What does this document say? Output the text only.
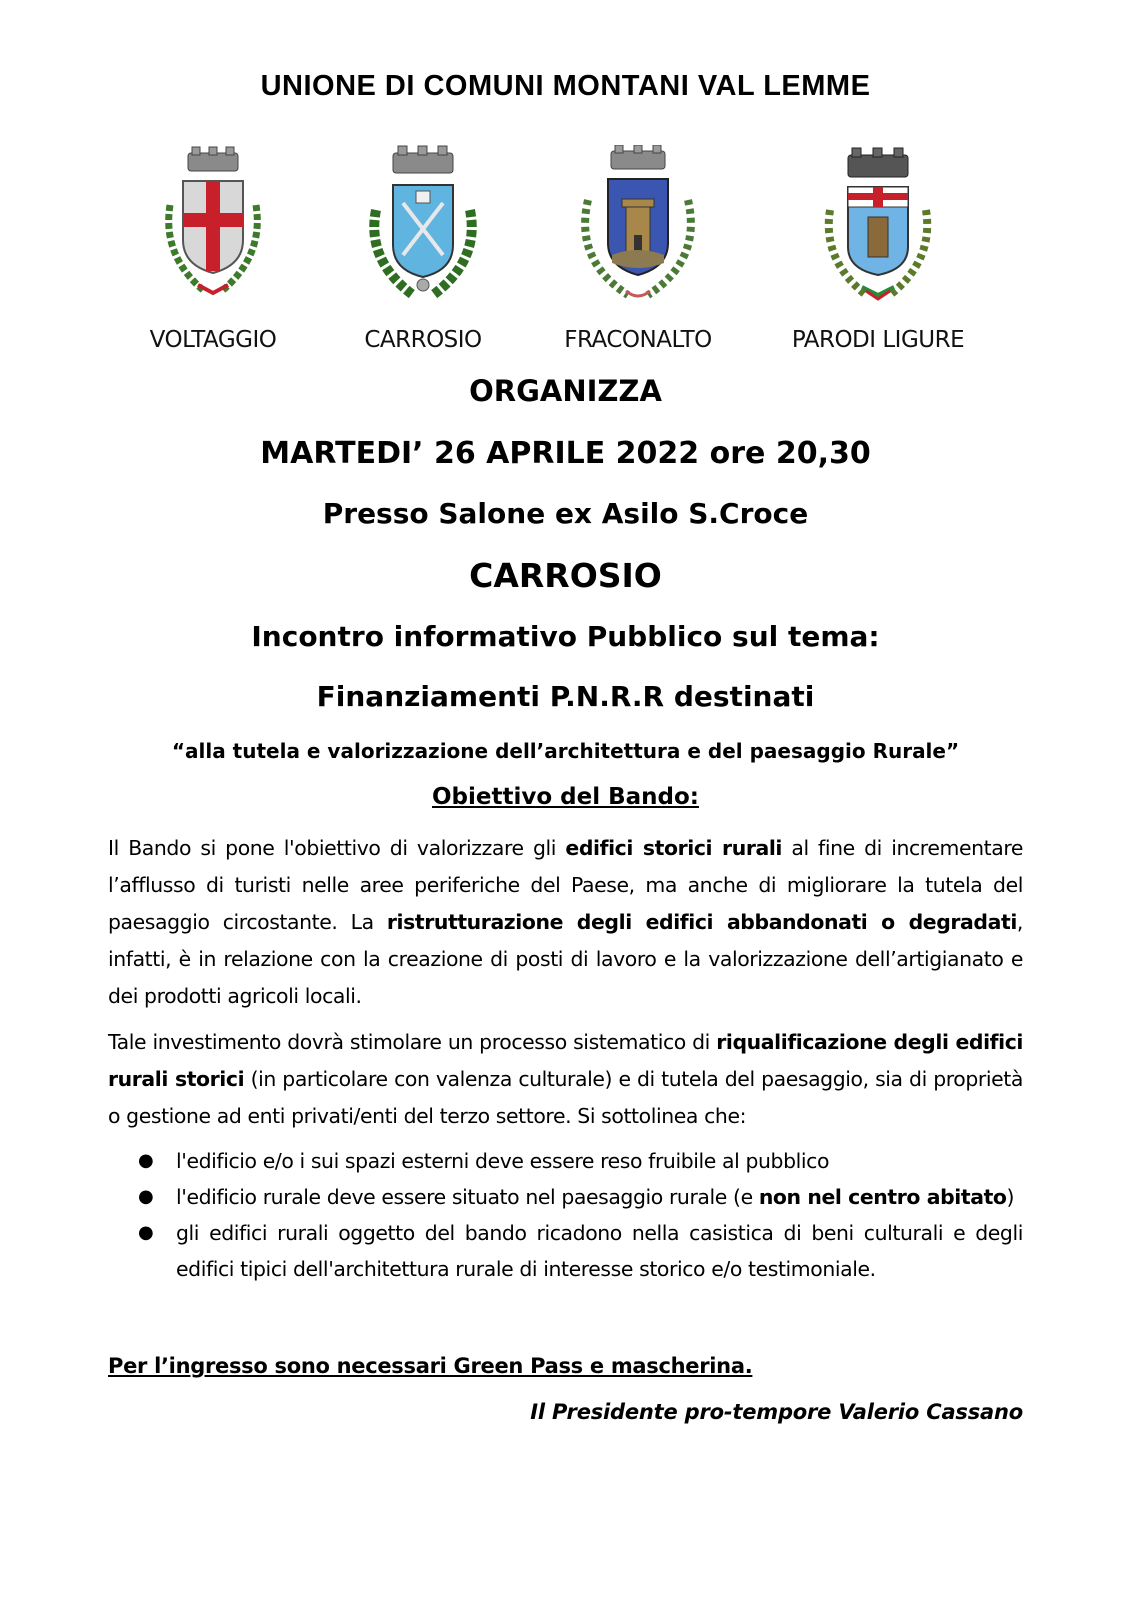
UNIONE DI COMUNI MONTANI VAL LEMME
VOLTAGGIO	CARROSIO	FRACONALTO	PARODI LIGURE
ORGANIZZA
MARTEDI’ 26 APRILE 2022 ore 20,30
Presso Salone ex Asilo S.Croce
CARROSIO
Incontro informativo Pubblico sul tema:
Finanziamenti P.N.R.R destinati
“alla tutela e valorizzazione dell’architettura e del paesaggio Rurale”
Obiettivo del Bando:
Il Bando si pone l'obiettivo di valorizzare gli edifici storici rurali al fine di incrementare l’afflusso di turisti nelle aree periferiche del Paese, ma anche di migliorare la tutela del paesaggio circostante. La ristrutturazione degli edifici abbandonati o degradati, infatti, è in relazione con la creazione di posti di lavoro e la valorizzazione dell’artigianato e dei prodotti agricoli locali.
Tale investimento dovrà stimolare un processo sistematico di riqualificazione degli edifici rurali storici (in particolare con valenza culturale) e di tutela del paesaggio, sia di proprietà o gestione ad enti privati/enti del terzo settore. Si sottolinea che:
● l'edificio e/o i sui spazi esterni deve essere reso fruibile al pubblico
● l'edificio rurale deve essere situato nel paesaggio rurale (e non nel centro abitato)
● gli edifici rurali oggetto del bando ricadono nella casistica di beni culturali e degli edifici tipici dell'architettura rurale di interesse storico e/o testimoniale.
Per l’ingresso sono necessari Green Pass e mascherina.
Il Presidente pro-tempore Valerio Cassano
